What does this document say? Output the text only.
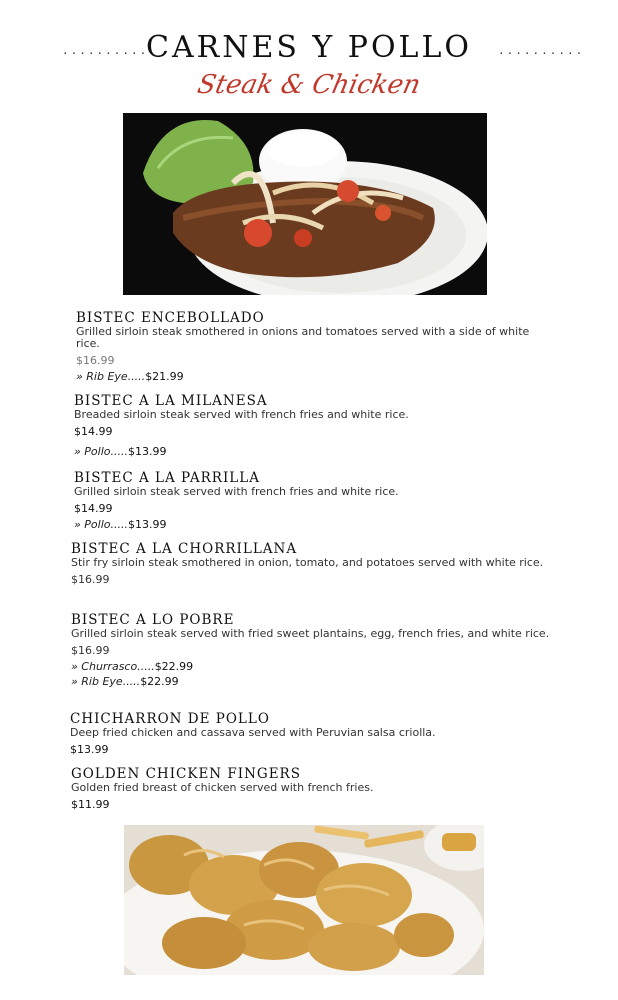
..........
CARNES Y POLLO	..........
Steak & Chicken
BISTEC ENCEBOLLADO
Grilled sirloin steak smothered in onions and tomatoes served with a side of white rice.
$16.99
» Rib Eye.....$21.99
BISTEC A LA MILANESA
Breaded sirloin steak served with french fries and white rice.
$14.99
» Pollo.....$13.99
BISTEC A LA PARRILLA
Grilled sirloin steak served with french fries and white rice.
$14.99
» Pollo.....$13.99
BISTEC A LA CHORRILLANA
Stir fry sirloin steak smothered in onion, tomato, and potatoes served with white rice.
$16.99
BISTEC A LO POBRE
Grilled sirloin steak served with fried sweet plantains, egg, french fries, and white rice.
$16.99
» Churrasco.....$22.99
» Rib Eye.....$22.99
CHICHARRON DE POLLO
Deep fried chicken and cassava served with Peruvian salsa criolla.
$13.99
GOLDEN CHICKEN FINGERS
Golden fried breast of chicken served with french fries.
$11.99
